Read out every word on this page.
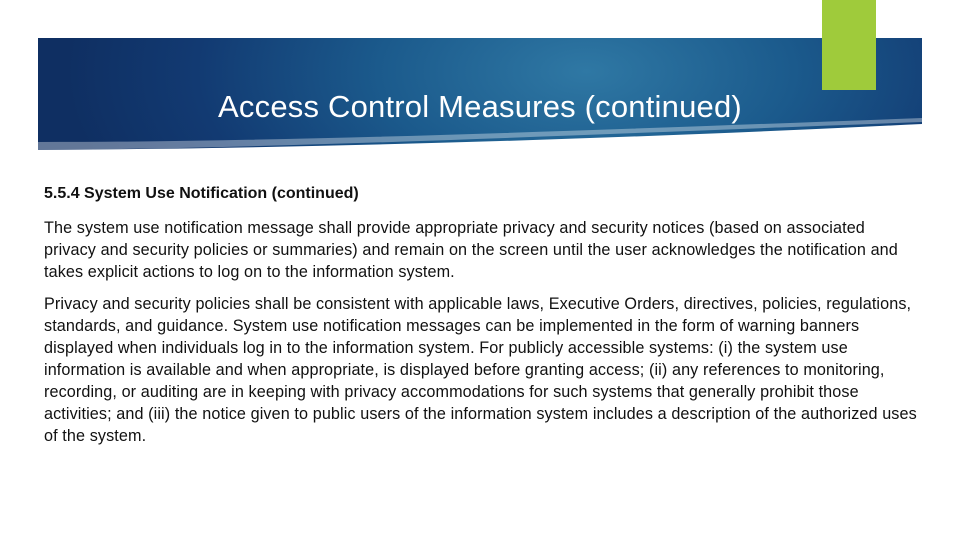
Access Control Measures (continued)

5.5.4 System Use Notification (continued)

The system use notification message shall provide appropriate privacy and security notices (based on associated privacy and security policies or summaries) and remain on the screen until the user acknowledges the notification and takes explicit actions to log on to the information system.

Privacy and security policies shall be consistent with applicable laws, Executive Orders, directives, policies, regulations, standards, and guidance. System use notification messages can be implemented in the form of warning banners displayed when individuals log in to the information system. For publicly accessible systems: (i) the system use information is available and when appropriate, is displayed before granting access; (ii) any references to monitoring, recording, or auditing are in keeping with privacy accommodations for such systems that generally prohibit those activities; and (iii) the notice given to public users of the information system includes a description of the authorized uses of the system.
